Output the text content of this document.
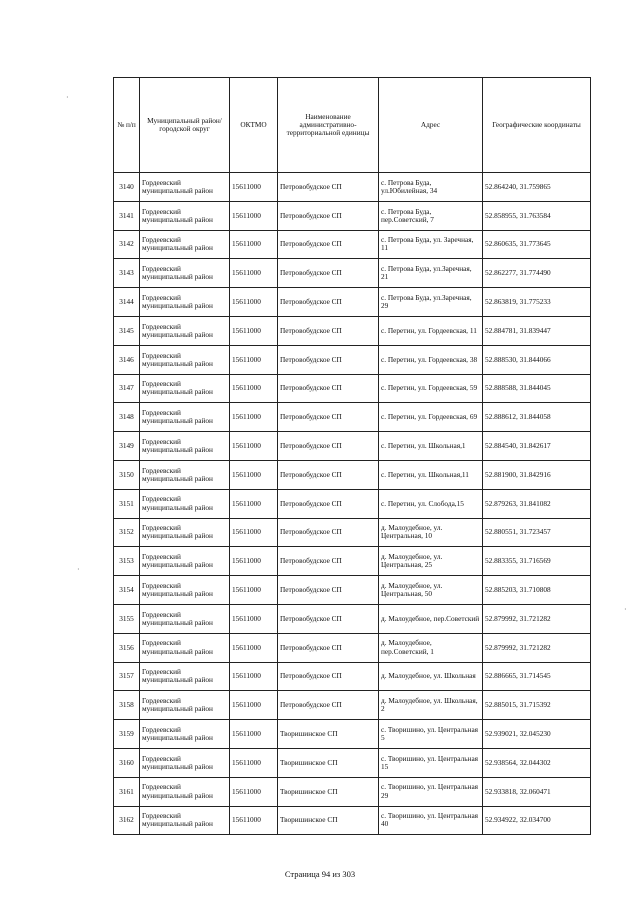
№ п/п	Муниципальный район/городской округ	ОКТМО	Наименование административно-территориальной единицы	Адрес	Географические координаты
3140	Гордеевский муниципальный район	15611000	Петровобудское СП	с. Петрова Буда, ул.Юбилейная, 34	52.864240, 31.759865
3141	Гордеевский муниципальный район	15611000	Петровобудское СП	с. Петрова Буда, пер.Советский, 7	52.858955, 31.763584
3142	Гордеевский муниципальный район	15611000	Петровобудское СП	с. Петрова Буда, ул. Заречная, 11	52.860635, 31.773645
3143	Гордеевский муниципальный район	15611000	Петровобудское СП	с. Петрова Буда, ул.Заречная, 21	52.862277, 31.774490
3144	Гордеевский муниципальный район	15611000	Петровобудское СП	с. Петрова Буда, ул.Заречная, 29	52.863819, 31.775233
3145	Гордеевский муниципальный район	15611000	Петровобудское СП	с. Перетин, ул. Гордеевская, 11	52.884781, 31.839447
3146	Гордеевский муниципальный район	15611000	Петровобудское СП	с. Перетин, ул. Гордеевская, 38	52.888530, 31.844066
3147	Гордеевский муниципальный район	15611000	Петровобудское СП	с. Перетин, ул. Гордеевская, 59	52.888588, 31.844045
3148	Гордеевский муниципальный район	15611000	Петровобудское СП	с. Перетин, ул. Гордеевская, 69	52.888612, 31.844058
3149	Гордеевский муниципальный район	15611000	Петровобудское СП	с. Перетин, ул. Школьная,1	52.884540, 31.842617
3150	Гордеевский муниципальный район	15611000	Петровобудское СП	с. Перетин, ул. Школьная,11	52.881900, 31.842916
3151	Гордеевский муниципальный район	15611000	Петровобудское СП	с. Перетин, ул. Слобода,15	52.879263, 31.841082
3152	Гордеевский муниципальный район	15611000	Петровобудское СП	д. Малоудебное, ул. Центральная, 10	52.880551, 31.723457
3153	Гордеевский муниципальный район	15611000	Петровобудское СП	д. Малоудебное, ул. Центральная, 25	52.883355, 31.716569
3154	Гордеевский муниципальный район	15611000	Петровобудское СП	д. Малоудебное, ул. Центральная, 50	52.885203, 31.710808
3155	Гордеевский муниципальный район	15611000	Петровобудское СП	д. Малоудебное, пер.Советский	52.879992, 31.721282
3156	Гордеевский муниципальный район	15611000	Петровобудское СП	д. Малоудебное, пер.Советский, 1	52.879992, 31.721282
3157	Гордеевский муниципальный район	15611000	Петровобудское СП	д. Малоудебное, ул. Школьная	52.886665, 31.714545
3158	Гордеевский муниципальный район	15611000	Петровобудское СП	д. Малоудебное, ул. Школьная, 2	52.885015, 31.715392
3159	Гордеевский муниципальный район	15611000	Творишинское СП	с. Творишино, ул. Центральная 5	52.939021, 32.045230
3160	Гордеевский муниципальный район	15611000	Творишинское СП	с. Творишино, ул. Центральная 15	52.938564, 32.044302
3161	Гордеевский муниципальный район	15611000	Творишинское СП	с. Творишино, ул. Центральная 29	52.933818, 32.060471
3162	Гордеевский муниципальный район	15611000	Творишинское СП	с. Творишино, ул. Центральная 40	52.934922, 32.034700
Страница 94 из 303
·
·
·
